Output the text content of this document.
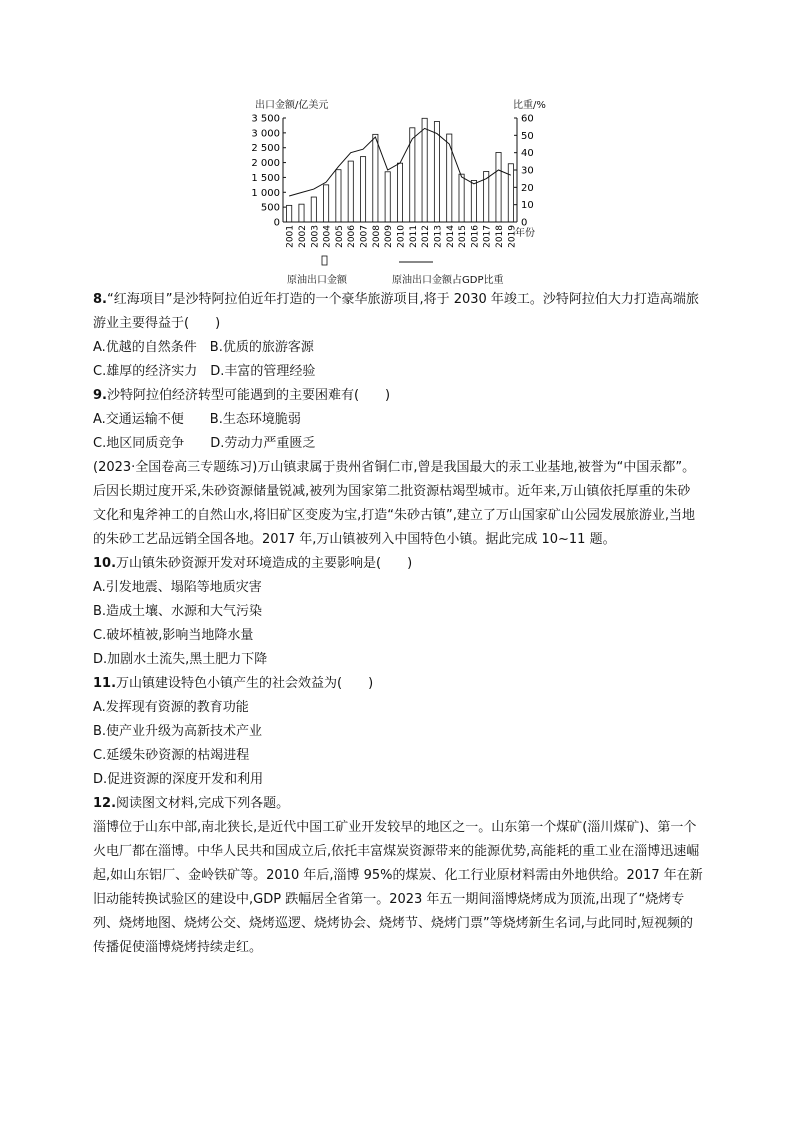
出口金额/亿美元	比重/%
3 500
3 000
2 500
2 000
1 500
1 000
500
0
60
50
40
30
20
10
0
2001 2002 2003 2004 2005 2006 2007 2008 2009 2010 2011 2012 2013 2014 2015 2016 2017 2018 2019
年份
原油出口金额	原油出口金额占GDP比重

8.“红海项目”是沙特阿拉伯近年打造的一个豪华旅游项目,将于 2030 年竣工。沙特阿拉伯大力打造高端旅游业主要得益于(　　)

A.优越的自然条件　B.优质的旅游客源

C.雄厚的经济实力　D.丰富的管理经验

9.沙特阿拉伯经济转型可能遇到的主要困难有(　　)

A.交通运输不便　　B.生态环境脆弱

C.地区同质竞争　　D.劳动力严重匮乏

(2023·全国卷高三专题练习)万山镇隶属于贵州省铜仁市,曾是我国最大的汞工业基地,被誉为“中国汞都”。后因长期过度开采,朱砂资源储量锐减,被列为国家第二批资源枯竭型城市。近年来,万山镇依托厚重的朱砂文化和鬼斧神工的自然山水,将旧矿区变废为宝,打造“朱砂古镇”,建立了万山国家矿山公园发展旅游业,当地的朱砂工艺品远销全国各地。2017 年,万山镇被列入中国特色小镇。据此完成 10~11 题。

10.万山镇朱砂资源开发对环境造成的主要影响是(　　)

A.引发地震、塌陷等地质灾害

B.造成土壤、水源和大气污染

C.破坏植被,影响当地降水量

D.加剧水土流失,黑土肥力下降

11.万山镇建设特色小镇产生的社会效益为(　　)

A.发挥现有资源的教育功能

B.使产业升级为高新技术产业

C.延缓朱砂资源的枯竭进程

D.促进资源的深度开发和利用

12.阅读图文材料,完成下列各题。

淄博位于山东中部,南北狭长,是近代中国工矿业开发较早的地区之一。山东第一个煤矿(淄川煤矿)、第一个火电厂都在淄博。中华人民共和国成立后,依托丰富煤炭资源带来的能源优势,高能耗的重工业在淄博迅速崛起,如山东铝厂、金岭铁矿等。2010 年后,淄博 95%的煤炭、化工行业原材料需由外地供给。2017 年在新旧动能转换试验区的建设中,GDP 跌幅居全省第一。2023 年五一期间淄博烧烤成为顶流,出现了“烧烤专列、烧烤地图、烧烤公交、烧烤巡逻、烧烤协会、烧烤节、烧烤门票”等烧烤新生名词,与此同时,短视频的传播促使淄博烧烤持续走红。
